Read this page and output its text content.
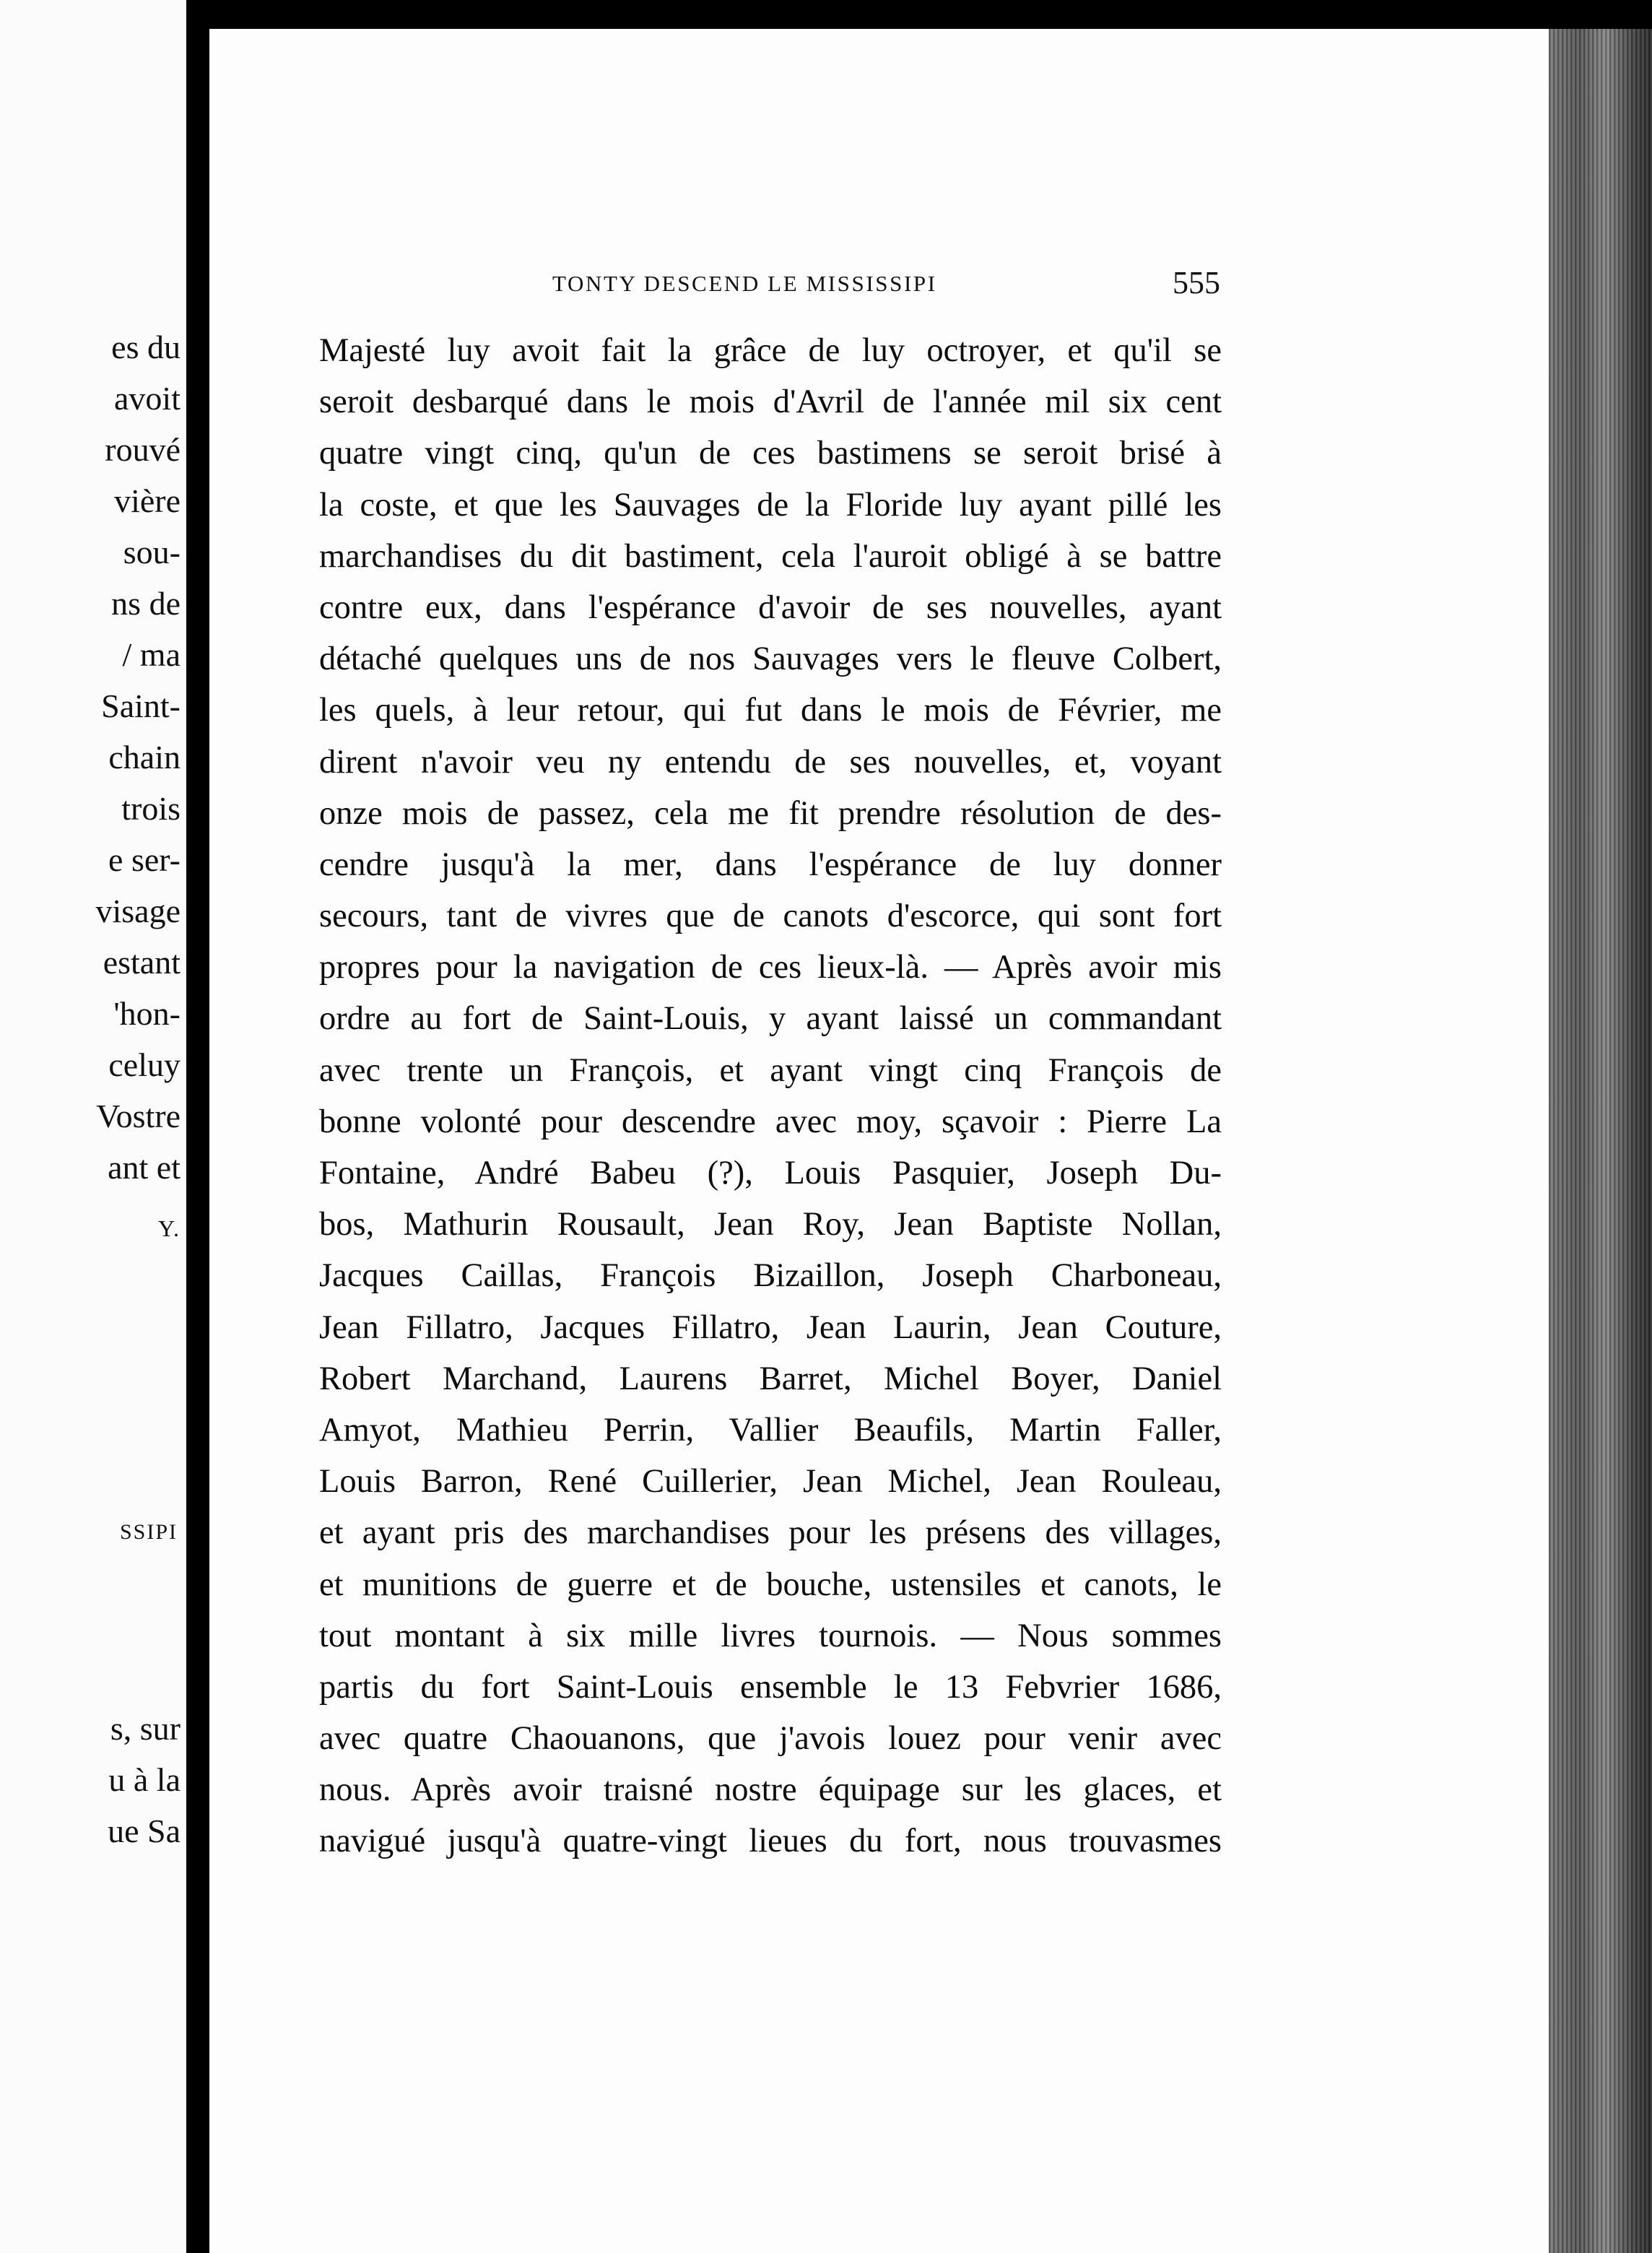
es du
avoit
rouvé
vière
sou-
ns de
/ ma
Saint-
chain
trois
e ser-
visage
estant
'hon-
celuy
Vostre
ant et
Y.
SSIPI
s, sur
u à la
ue Sa
TONTY DESCEND LE MISSISSIPI	555
Majesté luy avoit fait la grâce de luy octroyer, et qu'il se
seroit desbarqué dans le mois d'Avril de l'année mil six cent
quatre vingt cinq, qu'un de ces bastimens se seroit brisé à
la coste, et que les Sauvages de la Floride luy ayant pillé les
marchandises du dit bastiment, cela l'auroit obligé à se battre
contre eux, dans l'espérance d'avoir de ses nouvelles, ayant
détaché quelques uns de nos Sauvages vers le fleuve Colbert,
les quels, à leur retour, qui fut dans le mois de Février, me
dirent n'avoir veu ny entendu de ses nouvelles, et, voyant
onze mois de passez, cela me fit prendre résolution de des-
cendre jusqu'à la mer, dans l'espérance de luy donner
secours, tant de vivres que de canots d'escorce, qui sont fort
propres pour la navigation de ces lieux-là. — Après avoir mis
ordre au fort de Saint-Louis, y ayant laissé un commandant
avec trente un François, et ayant vingt cinq François de
bonne volonté pour descendre avec moy, sçavoir : Pierre La
Fontaine, André Babeu (?), Louis Pasquier, Joseph Du-
bos, Mathurin Rousault, Jean Roy, Jean Baptiste Nollan,
Jacques Caillas, François Bizaillon, Joseph Charboneau,
Jean Fillatro, Jacques Fillatro, Jean Laurin, Jean Couture,
Robert Marchand, Laurens Barret, Michel Boyer, Daniel
Amyot, Mathieu Perrin, Vallier Beaufils, Martin Faller,
Louis Barron, René Cuillerier, Jean Michel, Jean Rouleau,
et ayant pris des marchandises pour les présens des villages,
et munitions de guerre et de bouche, ustensiles et canots, le
tout montant à six mille livres tournois. — Nous sommes
partis du fort Saint-Louis ensemble le 13 Febvrier 1686,
avec quatre Chaouanons, que j'avois louez pour venir avec
nous. Après avoir traisné nostre équipage sur les glaces, et
navigué jusqu'à quatre-vingt lieues du fort, nous trouvasmes
